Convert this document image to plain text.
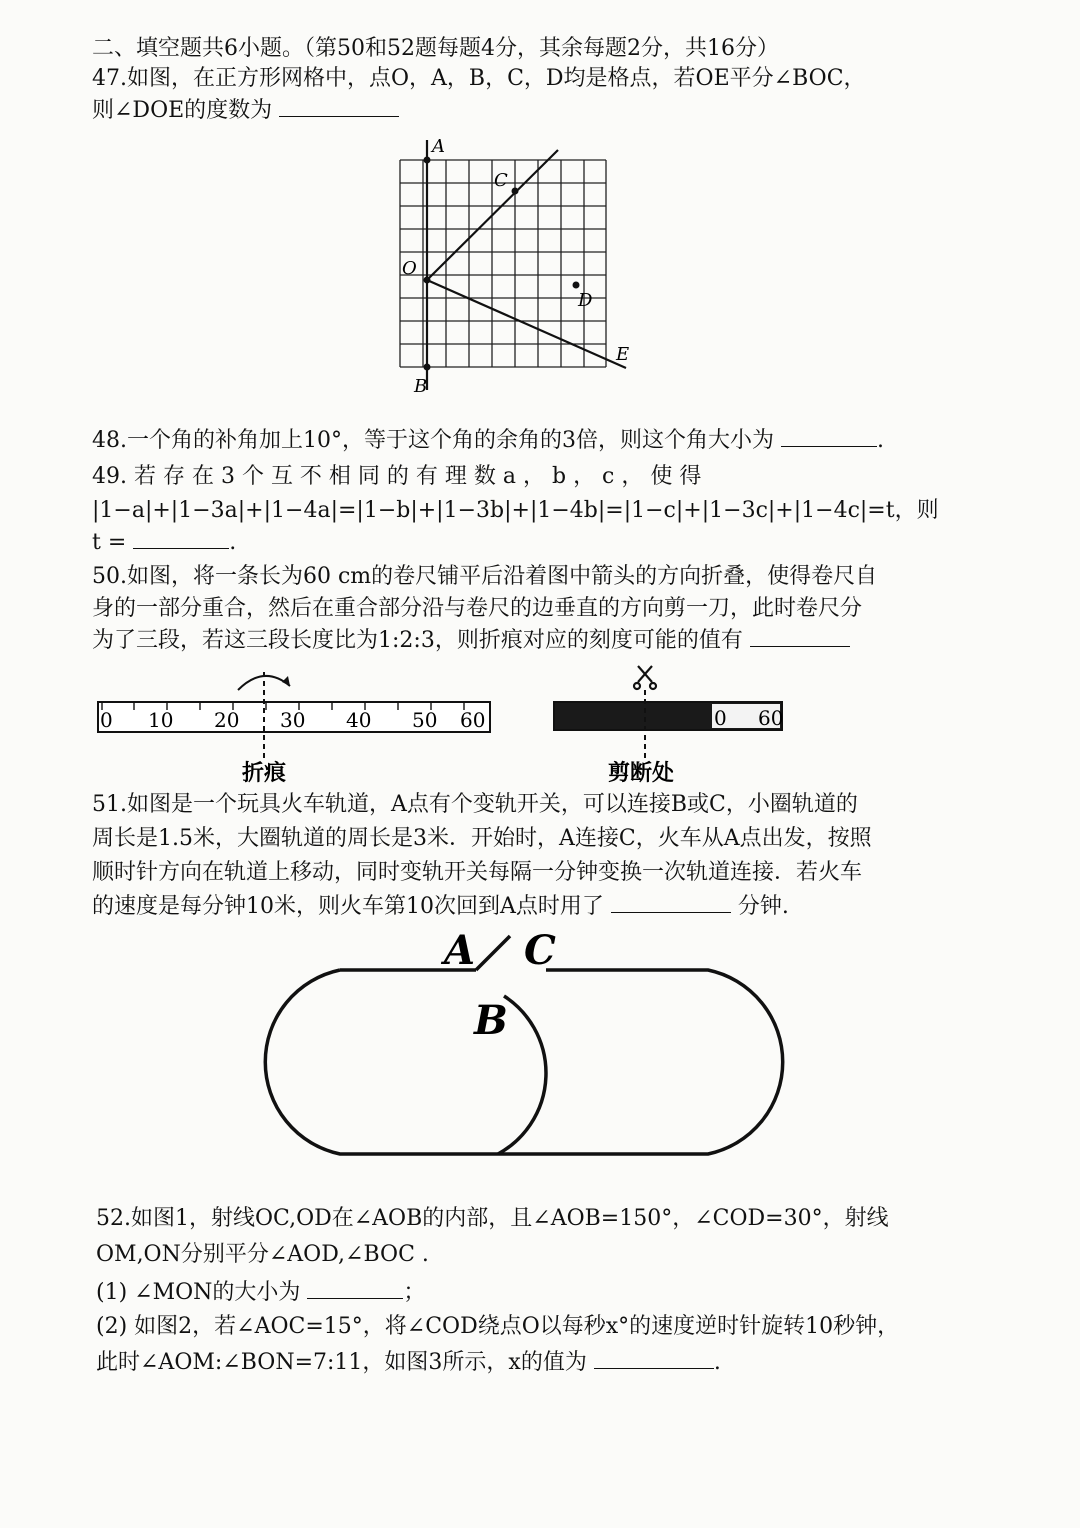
二、填空题共6小题。（第50和52题每题4分，其余每题2分，共16分）
47.如图，在正方形网格中，点O，A，B，C，D均是格点，若OE平分∠BOC，
则∠DOE的度数为
A
C
O
D
E
B
48.一个角的补角加上10°，等于这个角的余角的3倍，则这个角大小为	.
49. 若 存 在 3 个 互 不 相 同 的 有 理 数 a ， b ， c ， 使 得
|1−a|+|1−3a|+|1−4a|=|1−b|+|1−3b|+|1−4b|=|1−c|+|1−3c|+|1−4c|=t，则
t =	.
50.如图，将一条长为60 cm的卷尺铺平后沿着图中箭头的方向折叠，使得卷尺自
身的一部分重合，然后在重合部分沿与卷尺的边垂直的方向剪一刀，此时卷尺分
为了三段，若这三段长度比为1:2:3，则折痕对应的刻度可能的值有
0 10 20 30 40 50 60	0 60
折痕	剪断处
51.如图是一个玩具火车轨道，A点有个变轨开关，可以连接B或C，小圈轨道的
周长是1.5米，大圈轨道的周长是3米．开始时，A连接C，火车从A点出发，按照
顺时针方向在轨道上移动，同时变轨开关每隔一分钟变换一次轨道连接．若火车
的速度是每分钟10米，则火车第10次回到A点时用了	分钟.
A C
B
52.如图1，射线OC,OD在∠AOB的内部，且∠AOB=150°，∠COD=30°，射线
OM,ON分别平分∠AOD,∠BOC .
(1) ∠MON的大小为	；
(2) 如图2，若∠AOC=15°，将∠COD绕点O以每秒x°的速度逆时针旋转10秒钟，
此时∠AOM:∠BON=7:11，如图3所示，x的值为	.
